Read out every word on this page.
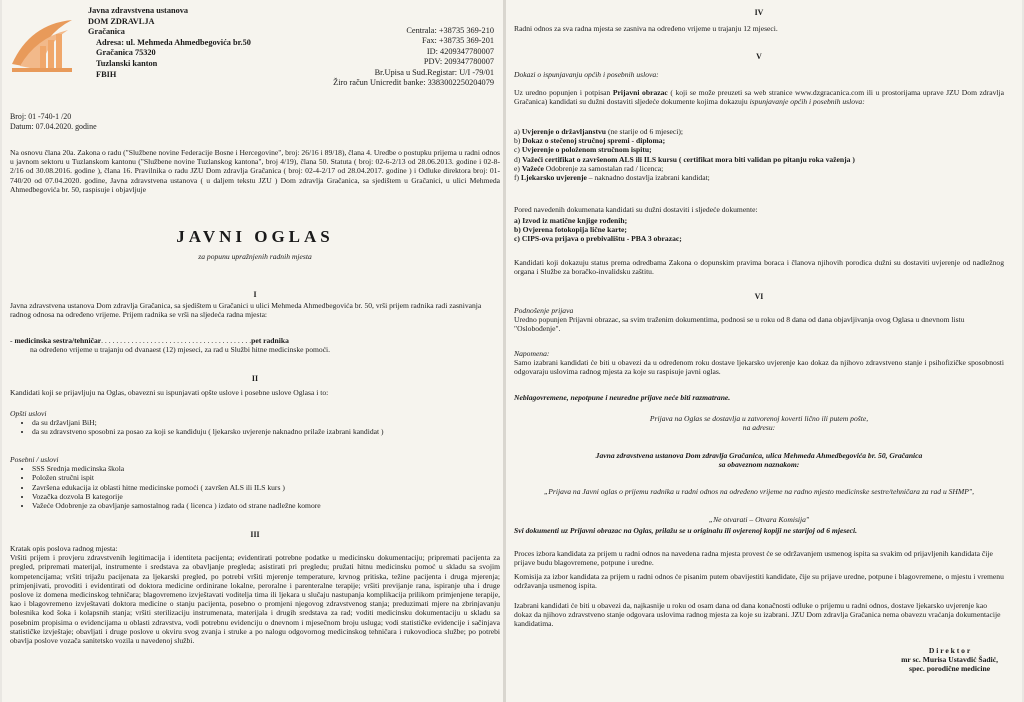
Javna zdravstvena ustanova
DOM ZDRAVLJA
Gračanica
Adresa: ul. Mehmeda Ahmedbegovića br.50
Gračanica 75320
Tuzlanski kanton
FBIH
Centrala: +38735 369-210
Fax: +38735 369-201
ID: 4209347780007
PDV: 209347780007
Br.Upisa u Sud.Registar: U/I -79/01
Žiro račun Unicredit banke: 3383002250204079

Broj: 01 -740-1 /20

Datum: 07.04.2020. godine

Na osnovu člana 20a. Zakona o radu ("Službene novine Federacije Bosne i Hercegovine", broj: 26/16 i 89/18), člana 4. Uredbe o postupku prijema u radni odnos u javnom sektoru u Tuzlanskom kantonu ("Službene novine Tuzlanskog kantona", broj 4/19), člana 50. Statuta ( broj: 02-6-2/13 od 28.06.2013. godine i 02-8-2/16 od 30.08.2016. godine ), člana 16. Pravilnika o radu JZU Dom zdravlja Gračanica ( broj: 02-4-2/17 od 28.04.2017. godine ) i Odluke direktora broj: 01-740/20 od 07.04.2020. godine, Javna zdravstvena ustanova ( u daljem tekstu JZU ) Dom zdravlja Gračanica, sa sjedištem u Gračanici, u ulici Mehmeda Ahmedbegovića br. 50, raspisuje i objavljuje

JAVNI OGLAS
za popunu upražnjenih radnih mjesta
I

Javna zdravstvena ustanova Dom zdravlja Gračanica, sa sjedištem u Gračanici u ulici Mehmeda Ahmedbegovića br. 50, vrši prijem radnika radi zasnivanja radnog odnosa na određeno vrijeme. Prijem radnika se vrši na sljedeća radna mjesta:

- medicinska sestra/tehničar. . . . . . . . . . . . . . . . . . . . . . . . . . . . . . . . . . . . . . . .pet radnika
na određeno vrijeme u trajanju od dvanaest (12) mjeseci, za rad u Službi hitne medicinske pomoći.
II

Kandidati koji se prijavljuju na Oglas, obavezni su ispunjavati opšte uslove i posebne uslove Oglasa i to:

Opšti uslovi
• da su državljani BiH;
• da su zdravstveno sposobni za posao za koji se kandiduju ( ljekarsko uvjerenje naknadno prilaže izabrani kandidat )
Posebni / uslovi
• SSS Srednja medicinska škola
• Položen stručni ispit
• Završena edukacija iz oblasti hitne medicinske pomoći ( završen ALS ili ILS kurs )
• Vozačka dozvola B kategorije
• Važeće Odobrenje za obavljanje samostalnog rada ( licenca ) izdato od strane nadležne komore
III
Kratak opis poslova radnog mjesta:
Vršiti prijem i provjeru zdravstvenih legitimacija i identiteta pacijenta; evidentirati potrebne podatke u medicinsku dokumentaciju; pripremati pacijenta za pregled, pripremati materijal, instrumente i sredstava za obavljanje pregleda; asistirati pri pregledu; pružati hitnu medicinsku pomoć u skladu sa svojim kompetencijama; vršiti trijažu pacijenata za ljekarski pregled, po potrebi vršiti mjerenje temperature, krvnog pritiska, težine pacijenta i druga mjerenja; primjenjivati, provoditi i evidentirati od doktora medicine ordinirane lokalne, peroralne i parenteralne terapije; vršiti previjanje rana, ispiranje uha i druge poslove iz domena medicinskog tehničara; blagovremeno izvještavati voditelja tima ili ljekara u slučaju nastupanja komplikacija prilikom primjenjene terapije, kao i blagovremeno izvještavati doktora medicine o stanju pacijenta, posebno o promjeni njegovog zdravstvenog stanja; preduzimati mjere na zbrinjavanju bolesnika kod šoka i kolapsnih stanja; vršiti sterilizaciju instrumenata, materijala i drugih sredstava za rad; voditi medicinsku dokumentaciju u skladu sa posebnim propisima o evidencijama u oblasti zdravstva, vodi potrebnu evidenciju o dnevnom i mjesečnom broju usluga; vodi statističke evidencije i sačinjava statističke izvještaje; obavljati i druge poslove u okviru svog zvanja i struke a po nalogu odgovornog medicinskog tehničara i rukovodioca službe; po potrebi obavlja poslove vozača sanitetsko vozila u navedenoj službi.
IV

Radni odnos za sva radna mjesta se zasniva na određeno vrijeme u trajanju 12 mjeseci.

V

Dokazi o ispunjavanju općih i posebnih uslova:

Uz uredno popunjen i potpisan Prijavni obrazac ( koji se može preuzeti sa web stranice www.dzgracanica.com ili u prostorijama uprave JZU Dom zdravlja Gračanica) kandidati su dužni dostaviti sljedeće dokumente kojima dokazuju ispunjavanje općih i posebnih uslova:
a) Uvjerenje o državljanstvu (ne starije od 6 mjeseci);
b) Dokaz o stečenoj stručnoj spremi - diploma;
c) Uvjerenje o položenom stručnom ispitu;
d) Važeći certifikat o završenom ALS ili ILS kursu ( certifikat mora biti validan po pitanju roka važenja )
e) Važeće Odobrenje za samostalan rad / licenca;
f) Ljekarsko uvjerenje – naknadno dostavlja izabrani kandidat;

Pored navedenih dokumenata kandidati su dužni dostaviti i sljedeće dokumente:

a) Izvod iz matične knjige rođenih;
b) Ovjerena fotokopija lične karte;
c) CIPS-ova prijava o prebivalištu - PBA 3 obrazac;

Kandidati koji dokazuju status prema odredbama Zakona o dopunskim pravima boraca i članova njihovih porodica dužni su dostaviti uvjerenje od nadležnog organa i Službe za boračko-invalidsku zaštitu.

VI
Podnošenje prijava
Uredno popunjen Prijavni obrazac, sa svim traženim dokumentima, podnosi se u roku od 8 dana od dana objavljivanja ovog Oglasa u dnevnom listu "Oslobođenje".
Napomena:
Samo izabrani kandidati će biti u obavezi da u određenom roku dostave ljekarsko uvjerenje kao dokaz da njihovo zdravstveno stanje i psihofizičke sposobnosti odgovaraju uslovima radnog mjesta za koje su raspisuje javni oglas.

Neblagovremene, nepotpune i neuredne prijave neće biti razmatrane.

Prijava na Oglas se dostavlja u zatvorenoj koverti lično ili putem pošte,
na adresu:
Javna zdravstvena ustanova Dom zdravlja Gračanica, ulica Mehmeda Ahmedbegovića br. 50, Gračanica
sa obaveznom naznakom:

„Prijava na Javni oglas o prijemu radnika u radni odnos na određeno vrijeme na radno mjesto medicinske sestre/tehničara za rad u SHMP",

„Ne otvarati – Otvara Komisija"

Svi dokumenti uz Prijavni obrazac na Oglas, prilažu se u originalu ili ovjerenoj kopiji ne starijoj od 6 mjeseci.

Proces izbora kandidata za prijem u radni odnos na navedena radna mjesta provest će se održavanjem usmenog ispita sa svakim od prijavljenih kandidata čije prijave budu blagovremene, potpune i uredne.

Komisija za izbor kandidata za prijem u radni odnos će pisanim putem obavijestiti kandidate, čije su prijave uredne, potpune i blagovremene, o mjestu i vremenu održavanja usmenog ispita.

Izabrani kandidati će biti u obavezi da, najkasnije u roku od osam dana od dana konačnosti odluke o prijemu u radni odnos, dostave ljekarsko uvjerenje kao dokaz da njihovo zdravstveno stanje odgovara uslovima radnog mjesta za koje su izabrani. JZU Dom zdravlja Gračanica nema obavezu vraćanja dokumentacije kandidatima.

D i r e k t o r
mr sc. Murisa Ustavdić Šadić,
spec. porodične medicine
